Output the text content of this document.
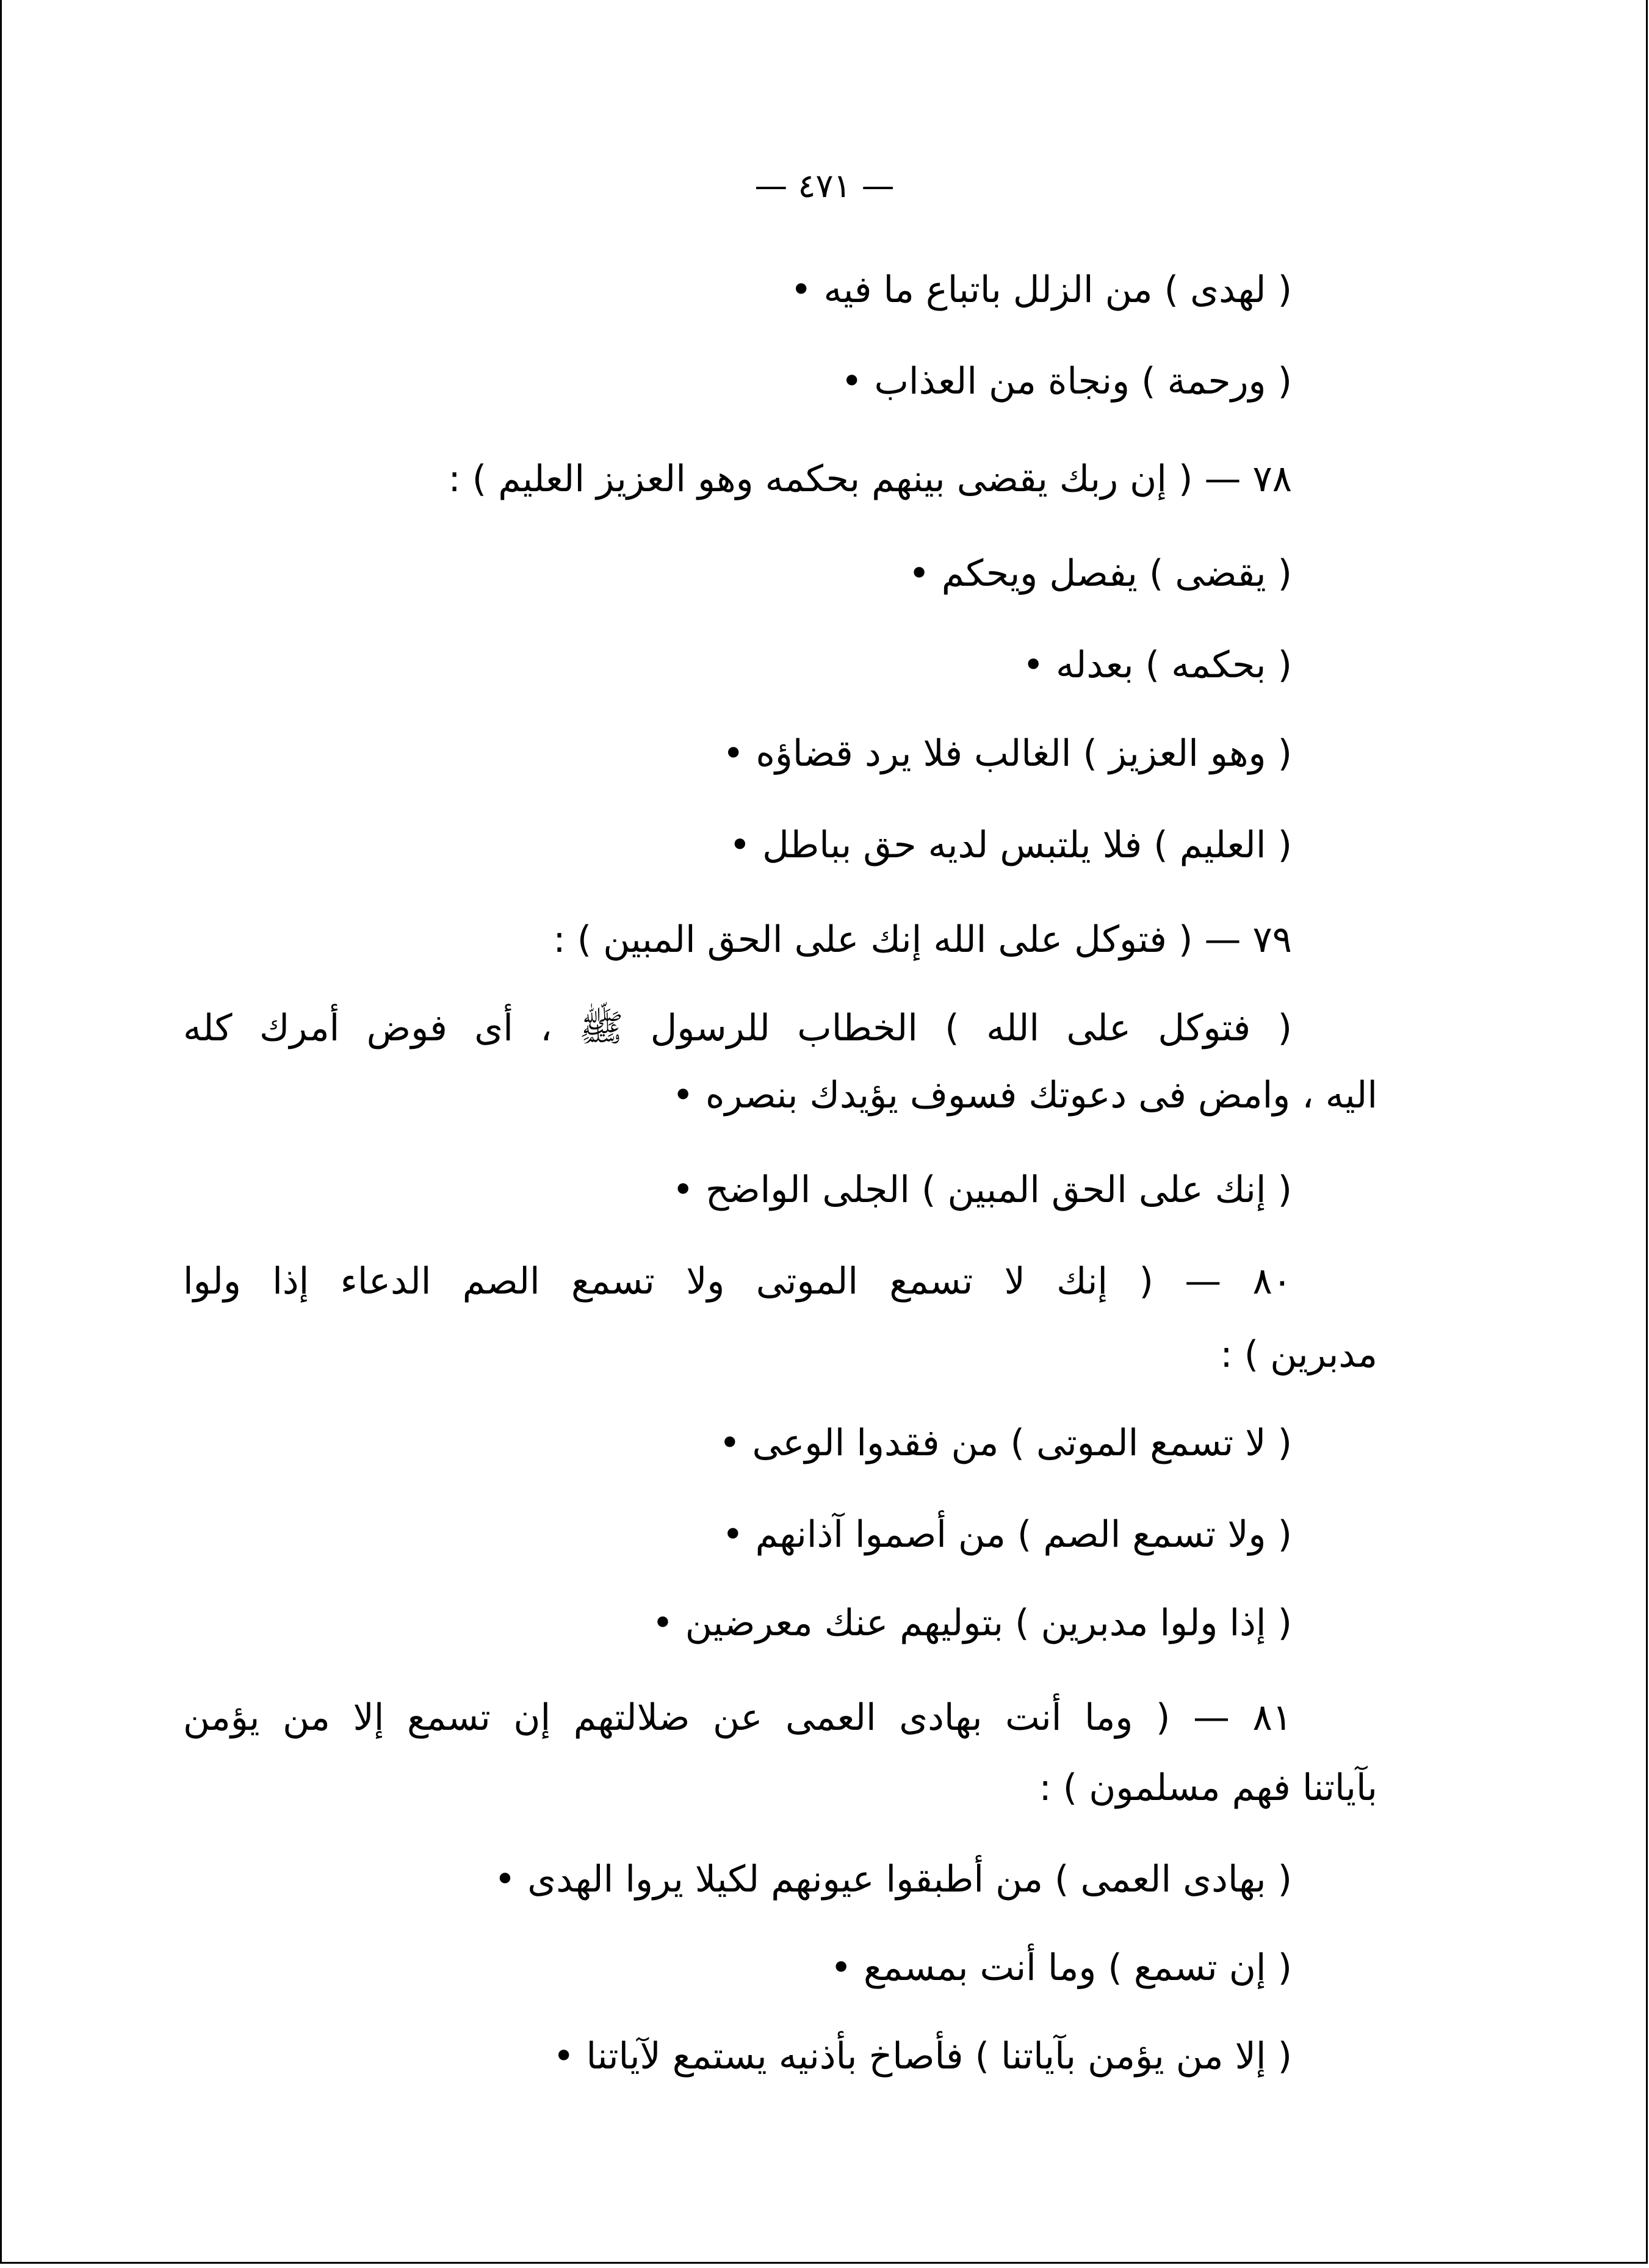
— ٤٧١ —
( لهدى ) من الزلل باتباع ما فيه •
( ورحمة ) ونجاة من العذاب •
٧٨ — ( إن ربك يقضى بينهم بحكمه وهو العزيز العليم ) :
( يقضى ) يفصل ويحكم •
( بحكمه ) بعدله •
( وهو العزيز ) الغالب فلا يرد قضاؤه •
( العليم ) فلا يلتبس لديه حق بباطل •
٧٩ — ( فتوكل على الله إنك على الحق المبين ) :
( فتوكل على الله ) الخطاب للرسول ﷺ ، أى فوض أمرك كله
اليه ، وامض فى دعوتك فسوف يؤيدك بنصره •
( إنك على الحق المبين ) الجلى الواضح •
٨٠ — ( إنك لا تسمع الموتى ولا تسمع الصم الدعاء إذا ولوا
مدبرين ) :
( لا تسمع الموتى ) من فقدوا الوعى •
( ولا تسمع الصم ) من أصموا آذانهم •
( إذا ولوا مدبرين ) بتوليهم عنك معرضين •
٨١ — ( وما أنت بهادى العمى عن ضلالتهم إن تسمع إلا من يؤمن
بآياتنا فهم مسلمون ) :
( بهادى العمى ) من أطبقوا عيونهم لكيلا يروا الهدى •
( إن تسمع ) وما أنت بمسمع •
( إلا من يؤمن بآياتنا ) فأصاخ بأذنيه يستمع لآياتنا •
